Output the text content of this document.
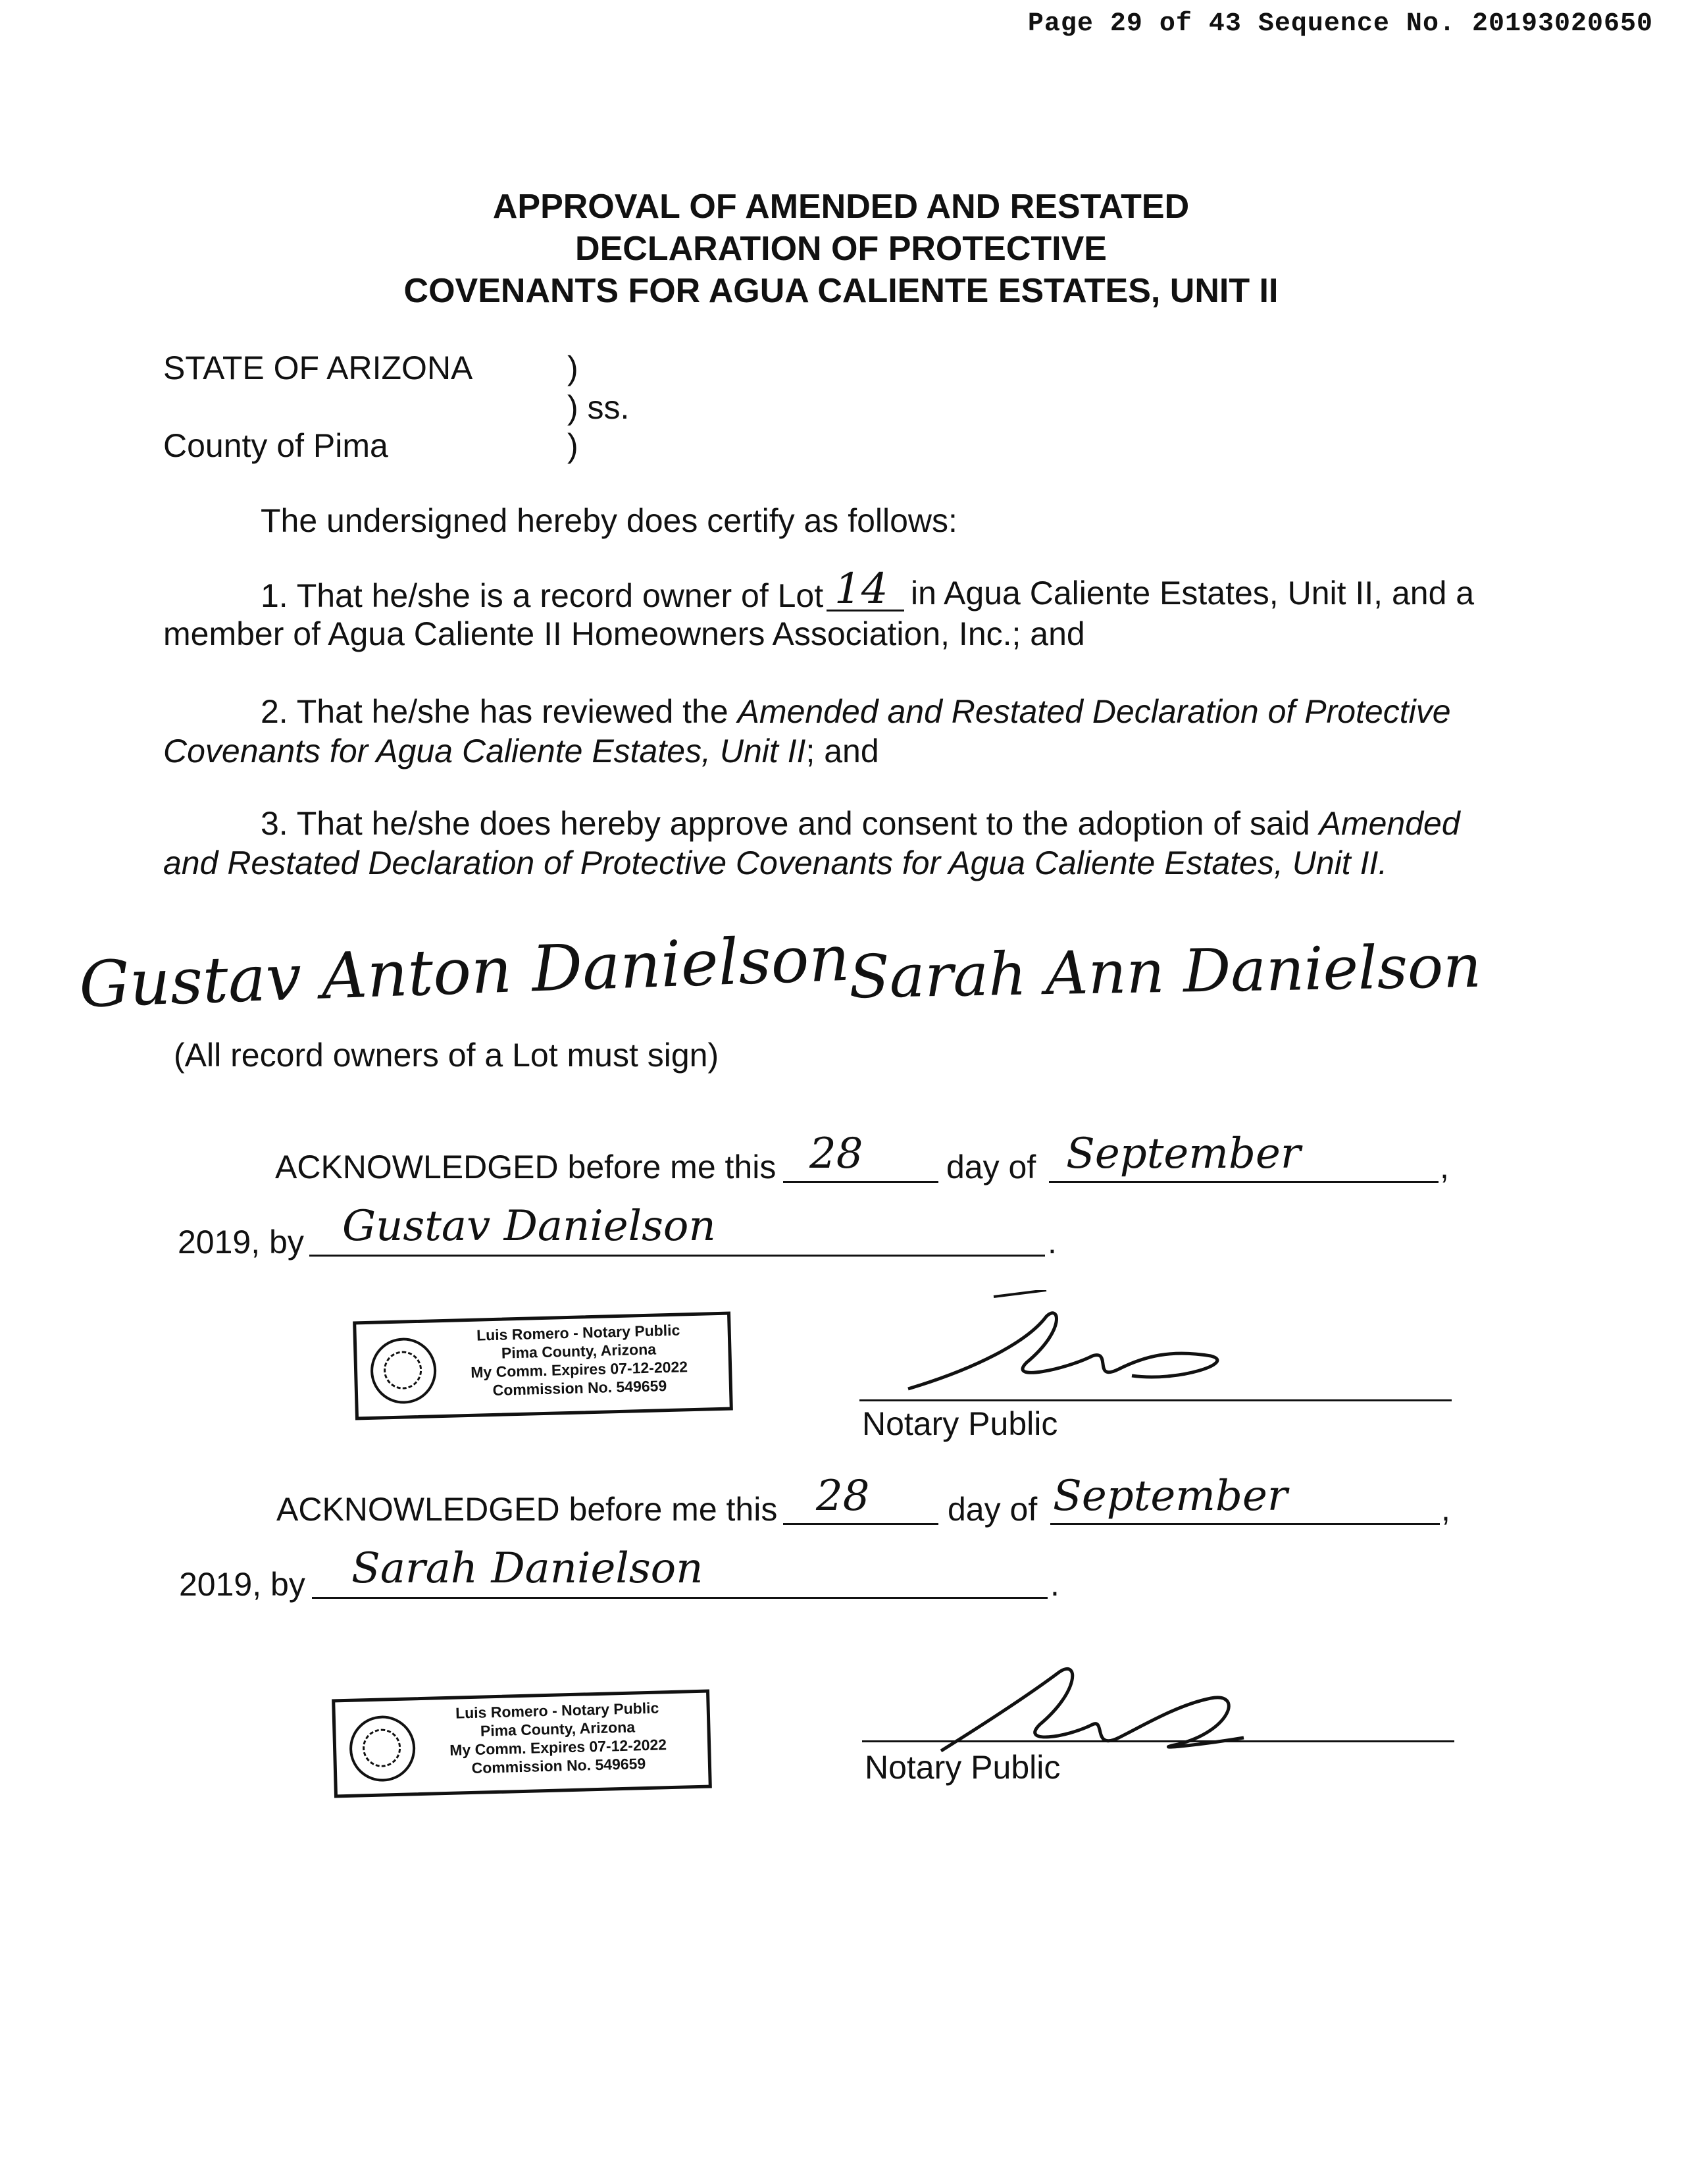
Page 29 of 43 Sequence No. 20193020650
APPROVAL OF AMENDED AND RESTATED
DECLARATION OF PROTECTIVE
COVENANTS FOR AGUA CALIENTE ESTATES, UNIT II
STATE OF ARIZONA	)
) ss.
County of Pima	)
The undersigned hereby does certify as follows:
1. That he/she is a record owner of Lot 14 in Agua Caliente Estates, Unit II, and a
member of Agua Caliente II Homeowners Association, Inc.; and
2. That he/she has reviewed the Amended and Restated Declaration of Protective
Covenants for Agua Caliente Estates, Unit II; and
3. That he/she does hereby approve and consent to the adoption of said Amended
and Restated Declaration of Protective Covenants for Agua Caliente Estates, Unit II.
Gustav Anton Danielson
Sarah Ann Danielson
(All record owners of a Lot must sign)
ACKNOWLEDGED before me this 28	day of September	,
2019, by Gustav Danielson	.
Luis Romero - Notary Public
Pima County, Arizona
My Comm. Expires 07-12-2022
Commission No. 549659
Notary Public
ACKNOWLEDGED before me this 28 day of September	,
2019, by Sarah Danielson	.
Luis Romero - Notary Public
Pima County, Arizona
My Comm. Expires 07-12-2022
Commission No. 549659	Notary Public
